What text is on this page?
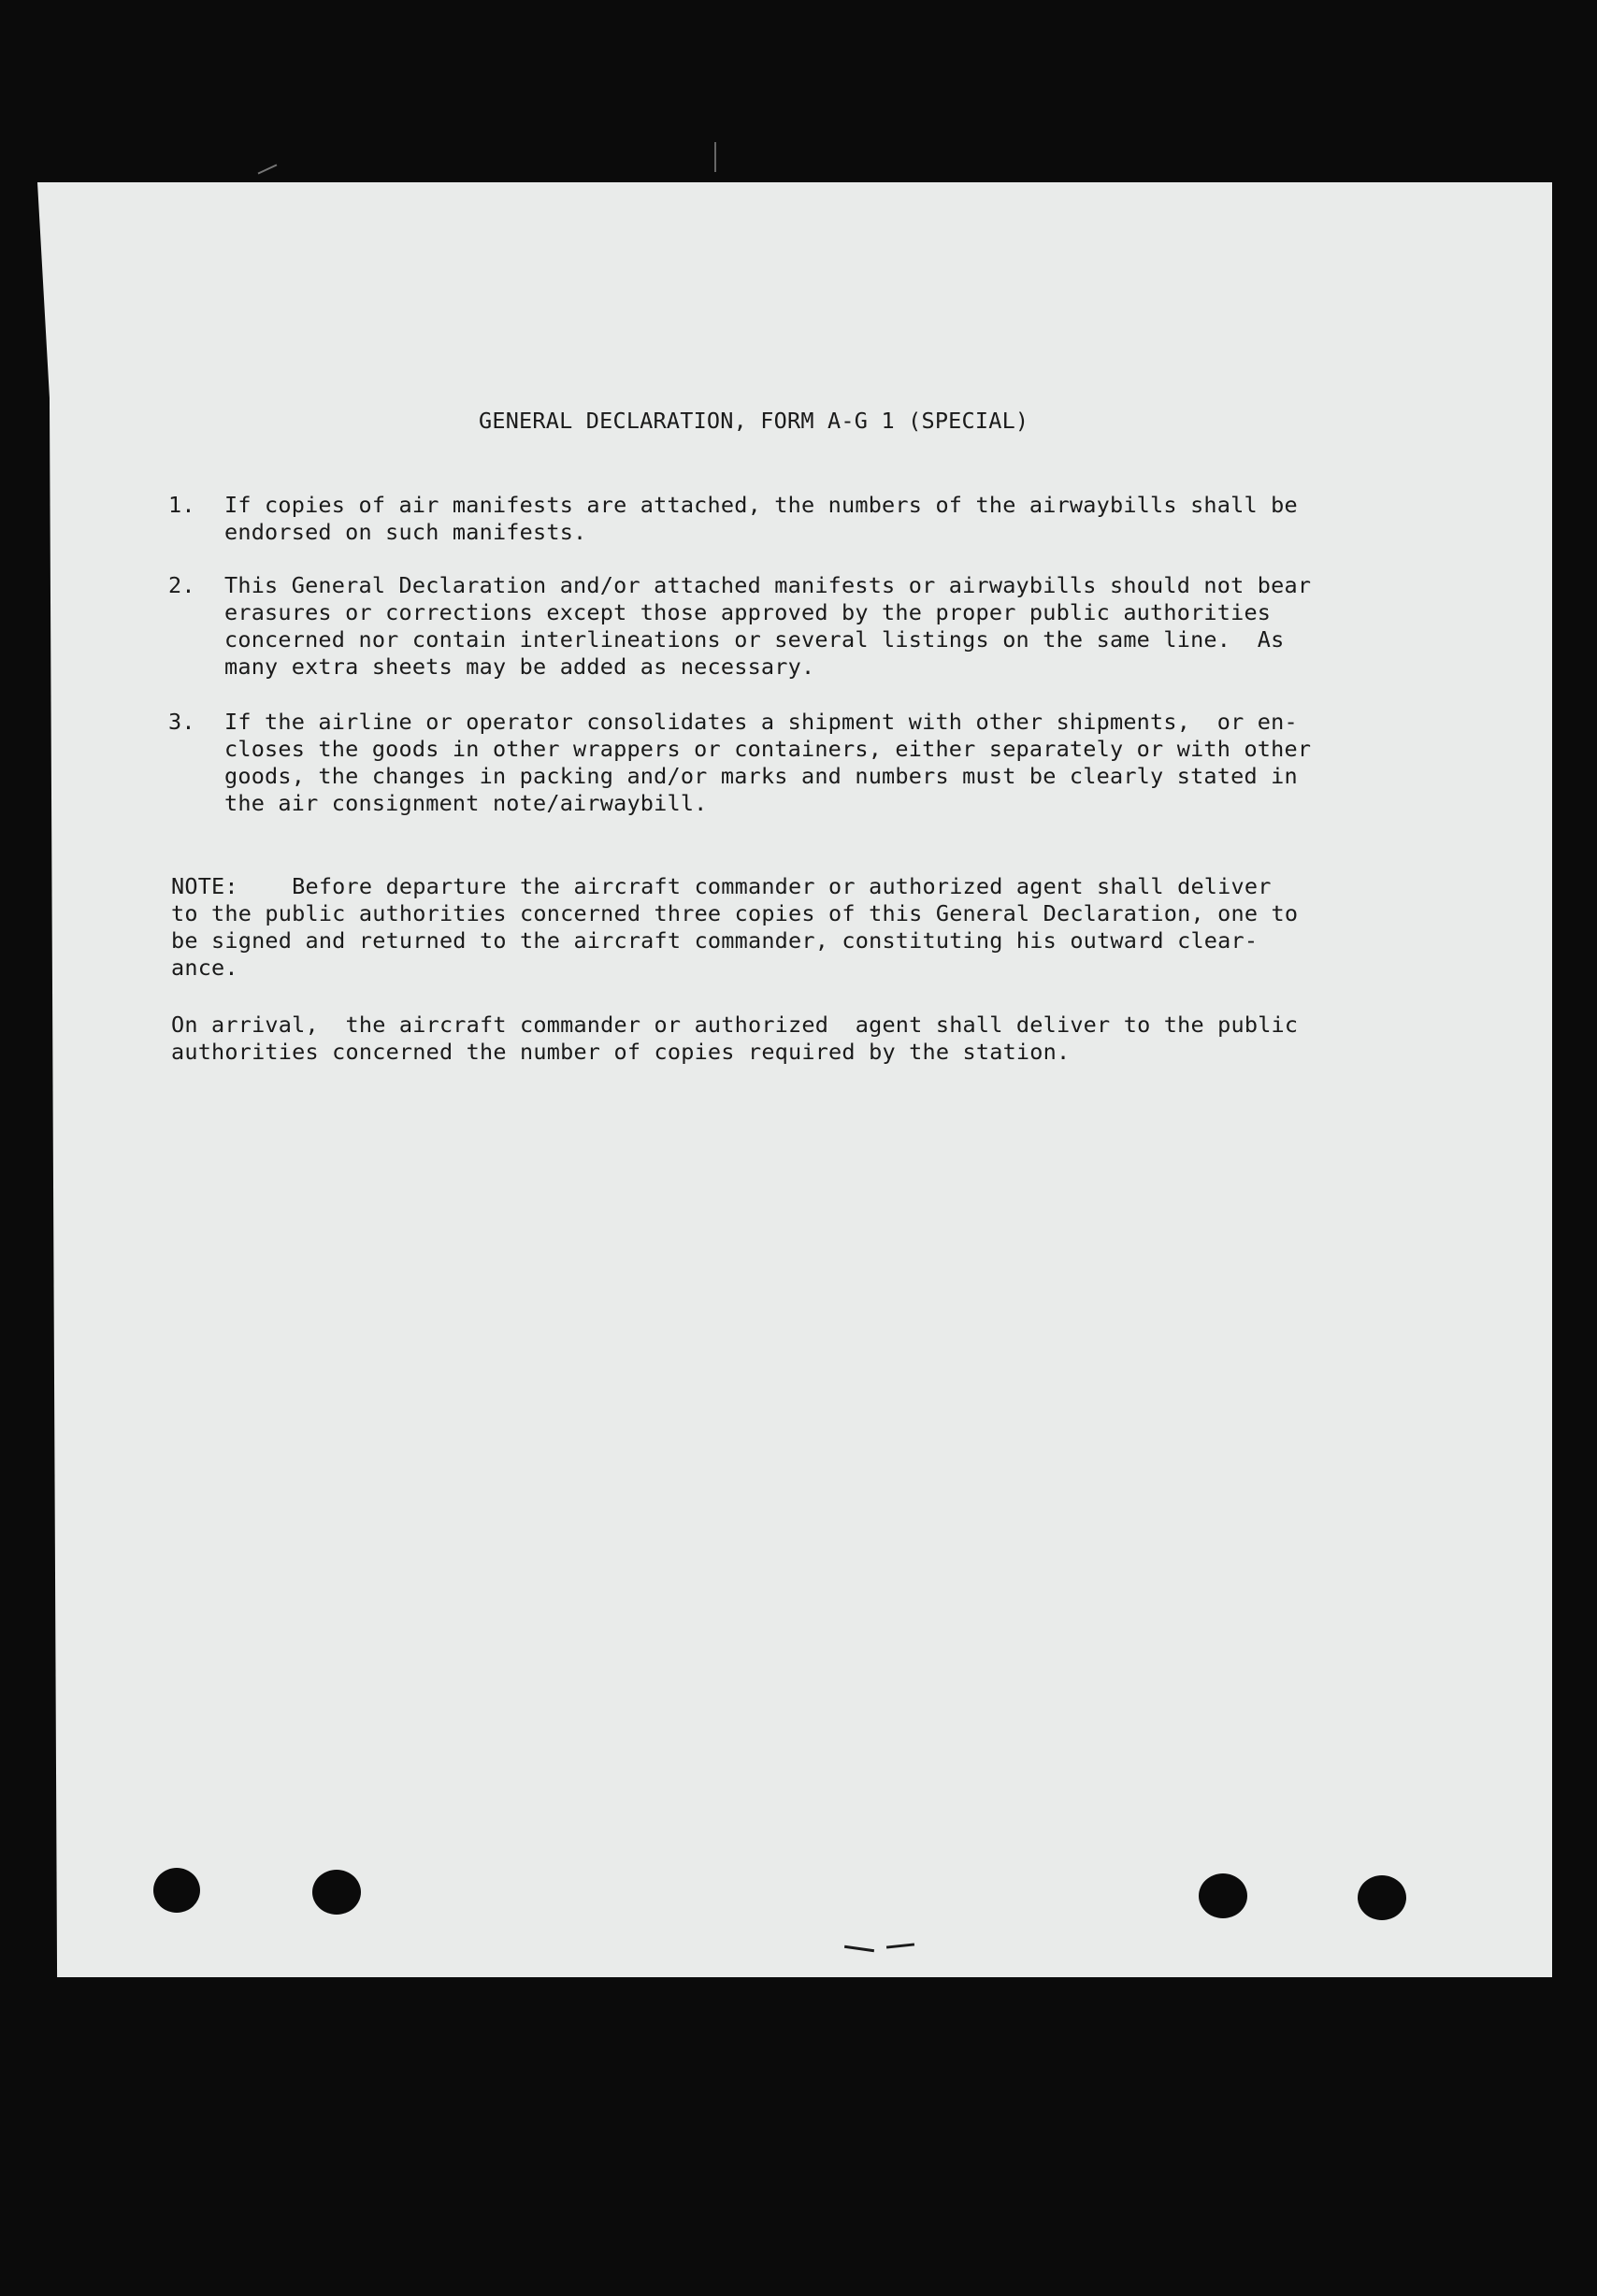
GENERAL DECLARATION, FORM A-G 1 (SPECIAL)

1.

If copies of air manifests are attached, the numbers of the airwaybills shall be
endorsed on such manifests.

2.

This General Declaration and/or attached manifests or airwaybills should not bear
erasures or corrections except those approved by the proper public authorities
concerned nor contain interlineations or several listings on the same line.  As
many extra sheets may be added as necessary.

3.

If the airline or operator consolidates a shipment with other shipments,  or en-
closes the goods in other wrappers or containers, either separately or with other
goods, the changes in packing and/or marks and numbers must be clearly stated in
the air consignment note/airwaybill.

NOTE:    Before departure the aircraft commander or authorized agent shall deliver
to the public authorities concerned three copies of this General Declaration, one to
be signed and returned to the aircraft commander, constituting his outward clear-
ance.
On arrival,  the aircraft commander or authorized  agent shall deliver to the public
authorities concerned the number of copies required by the station.
